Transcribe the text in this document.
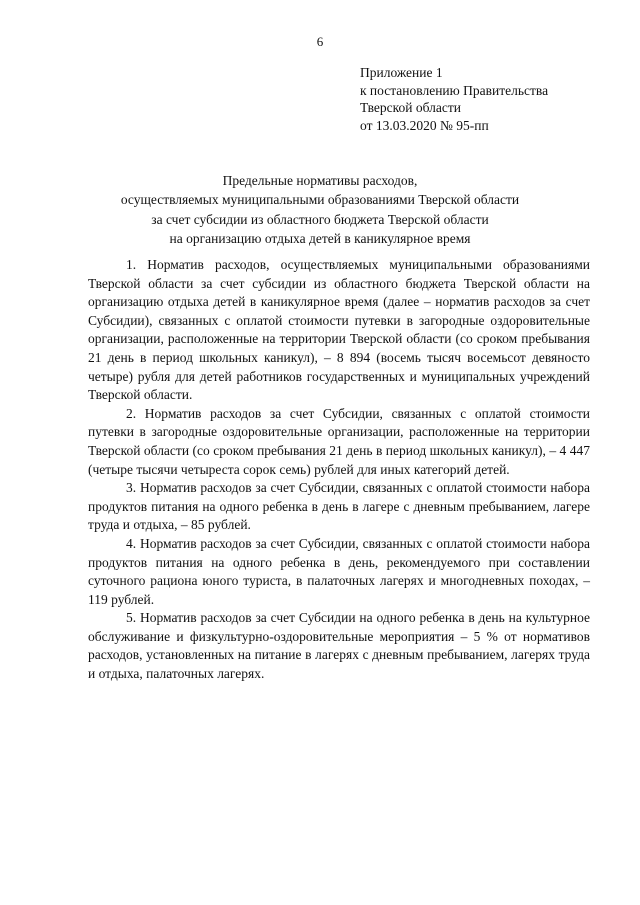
6
Приложение 1
к постановлению Правительства
Тверской области
от 13.03.2020 № 95-пп
Предельные нормативы расходов,
осуществляемых муниципальными образованиями Тверской области
за счет субсидии из областного бюджета Тверской области
на организацию отдыха детей в каникулярное время

1. Норматив расходов, осуществляемых муниципальными образованиями Тверской области за счет субсидии из областного бюджета Тверской области на организацию отдыха детей в каникулярное время (далее – норматив расходов за счет Субсидии), связанных с оплатой стоимости путевки в загородные оздоровительные организации, расположенные на территории Тверской области (со сроком пребывания 21 день в период школьных каникул), – 8 894 (восемь тысяч восемьсот девяносто четыре) рубля для детей работников государственных и муниципальных учреждений Тверской области.

2. Норматив расходов за счет Субсидии, связанных с оплатой стоимости путевки в загородные оздоровительные организации, расположенные на территории Тверской области (со сроком пребывания 21 день в период школьных каникул), – 4 447 (четыре тысячи четыреста сорок семь) рублей для иных категорий детей.

3. Норматив расходов за счет Субсидии, связанных с оплатой стоимости набора продуктов питания на одного ребенка в день в лагере с дневным пребыванием, лагере труда и отдыха, – 85 рублей.

4. Норматив расходов за счет Субсидии, связанных с оплатой стоимости набора продуктов питания на одного ребенка в день, рекомендуемого при составлении суточного рациона юного туриста, в палаточных лагерях и многодневных походах, – 119 рублей.

5. Норматив расходов за счет Субсидии на одного ребенка в день на культурное обслуживание и физкультурно-оздоровительные мероприятия – 5 % от нормативов расходов, установленных на питание в лагерях с дневным пребыванием, лагерях труда и отдыха, палаточных лагерях.
